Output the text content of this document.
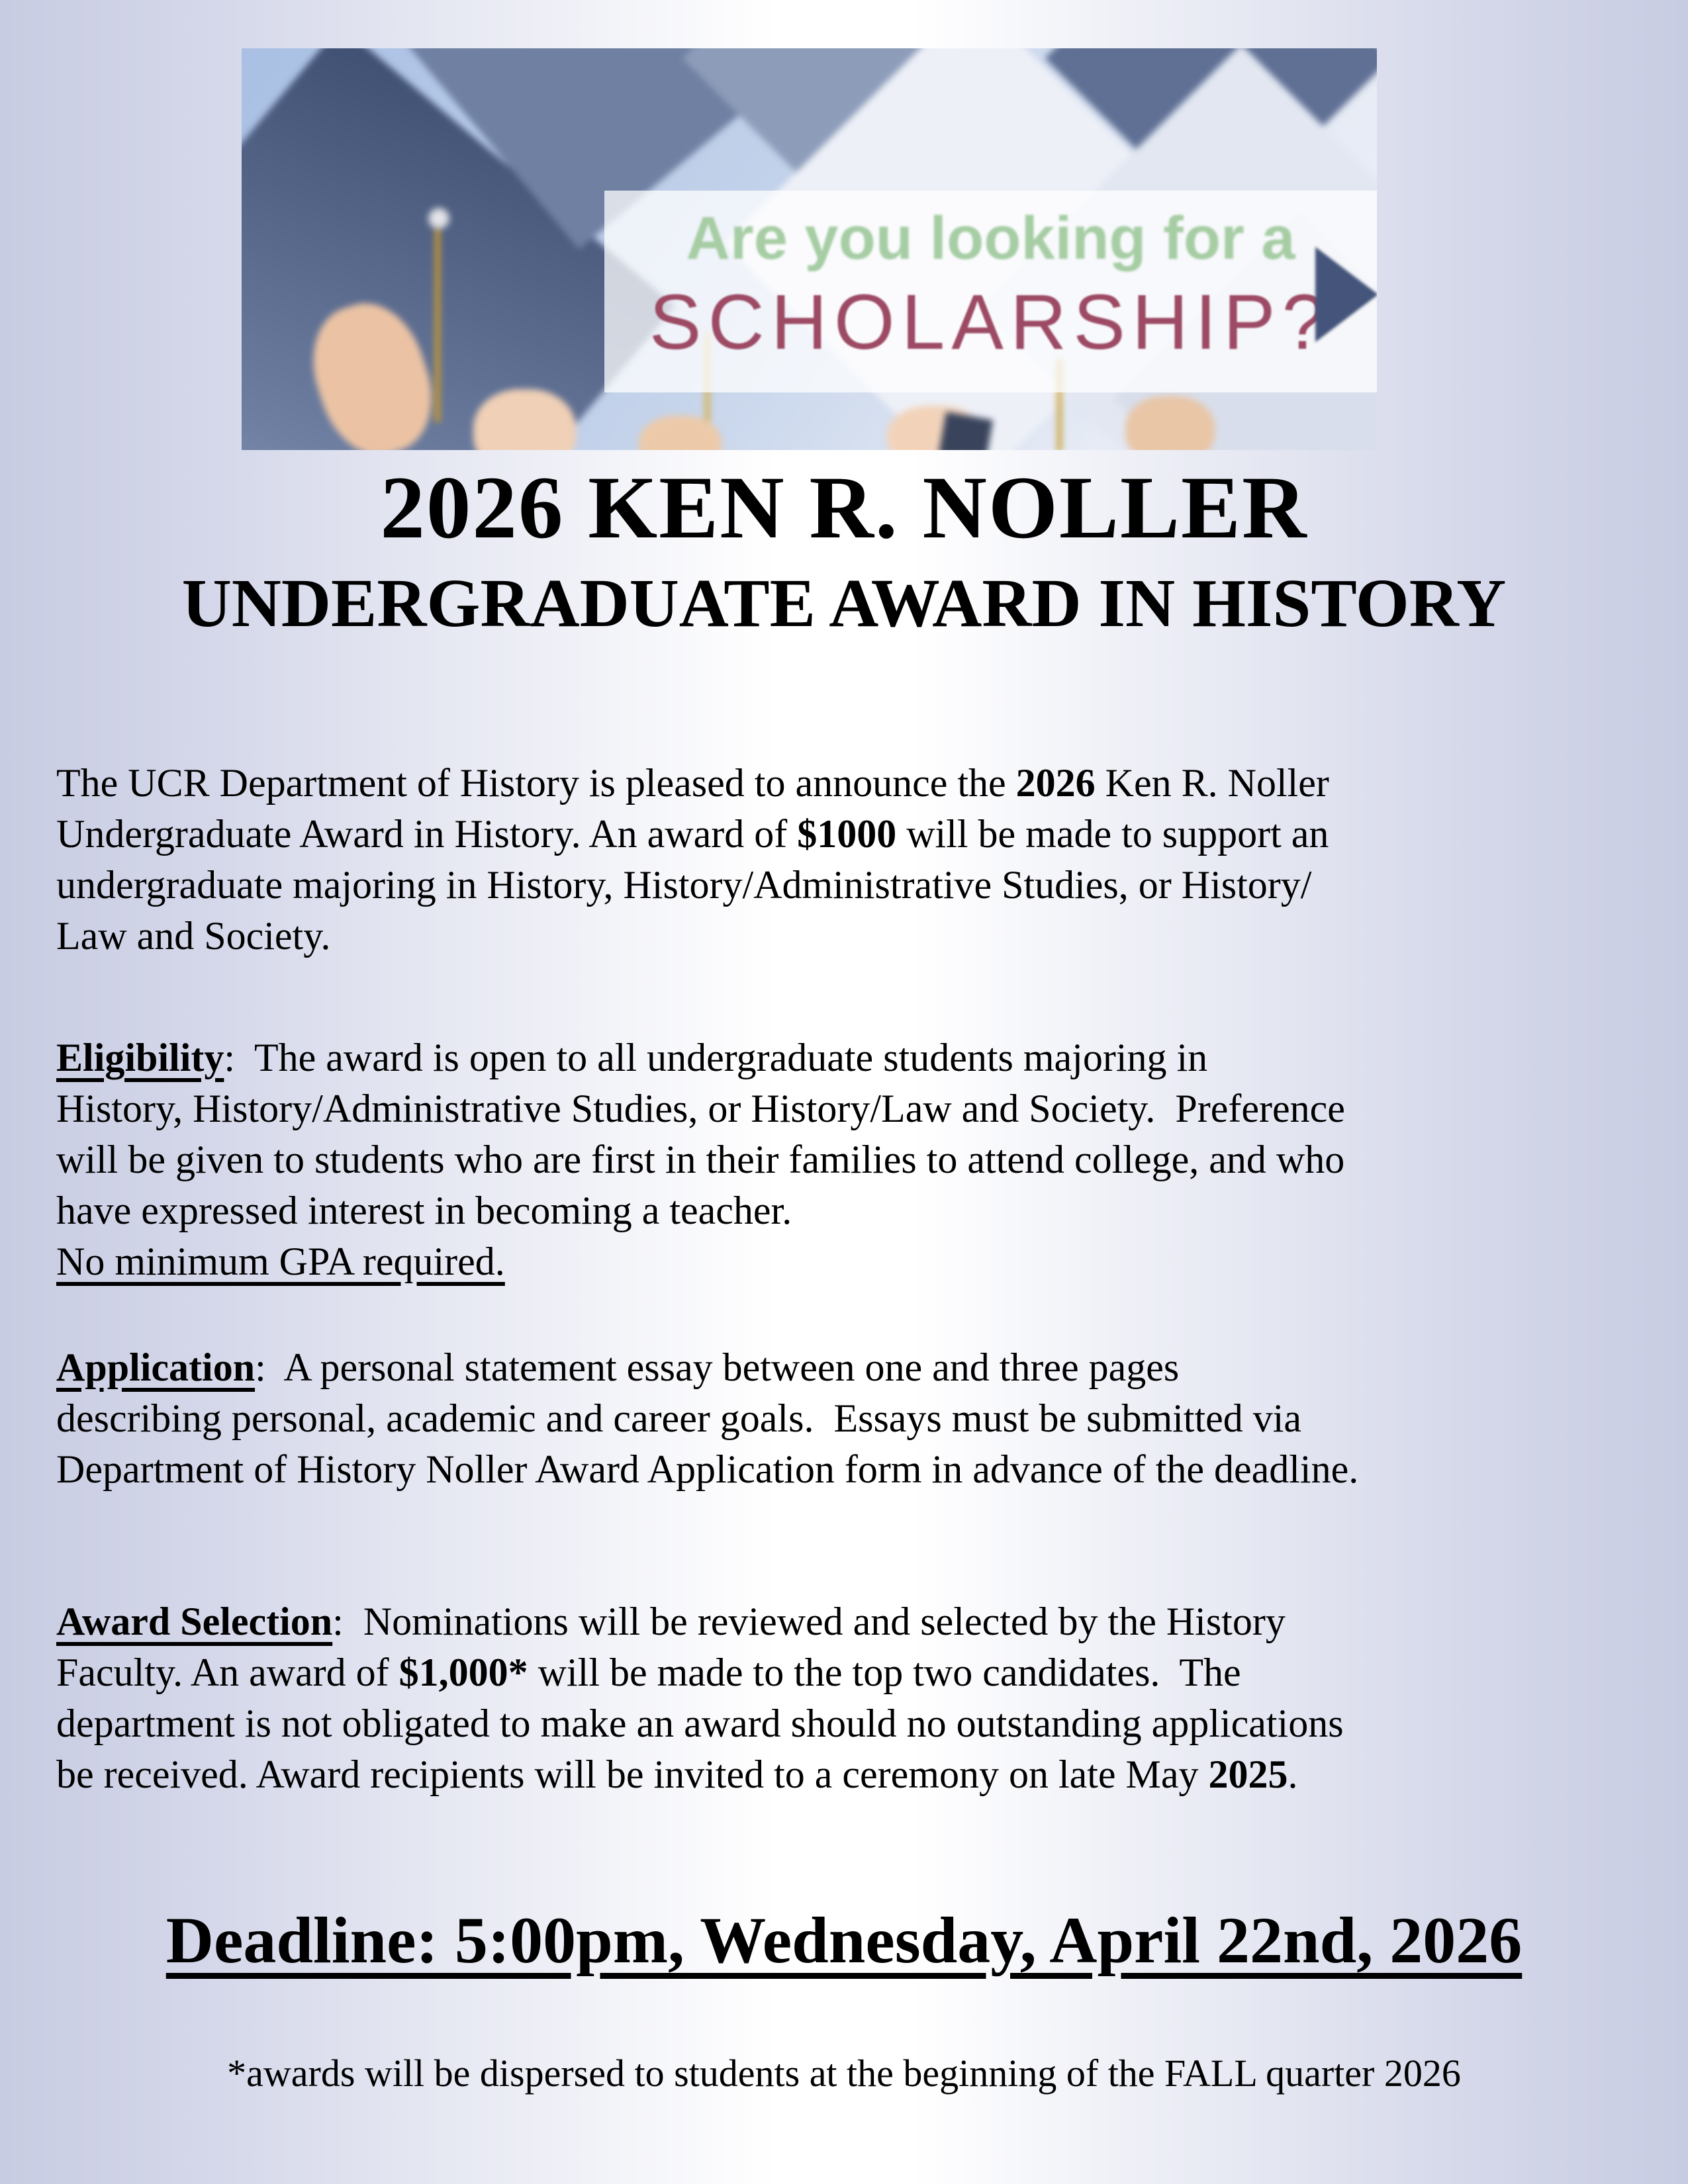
Are you looking for a
SCHOLARSHIP?
2026 KEN R. NOLLER
UNDERGRADUATE AWARD IN HISTORY

The UCR Department of History is pleased to announce the 2026 Ken R. Noller
Undergraduate Award in History. An award of $1000 will be made to support an
undergraduate majoring in History, History/Administrative Studies, or History/
Law and Society.

Eligibility:  The award is open to all undergraduate students majoring in
History, History/Administrative Studies, or History/Law and Society.  Preference
will be given to students who are first in their families to attend college, and who
have expressed interest in becoming a teacher.
No minimum GPA required.

Application:  A personal statement essay between one and three pages
describing personal, academic and career goals.  Essays must be submitted via
Department of History Noller Award Application form in advance of the deadline.

Award Selection:  Nominations will be reviewed and selected by the History
Faculty. An award of $1,000* will be made to the top two candidates.  The
department is not obligated to make an award should no outstanding applications
be received. Award recipients will be invited to a ceremony on late May 2025.

Deadline: 5:00pm, Wednesday, April 22nd, 2026
*awards will be dispersed to students at the beginning of the FALL quarter 2026
